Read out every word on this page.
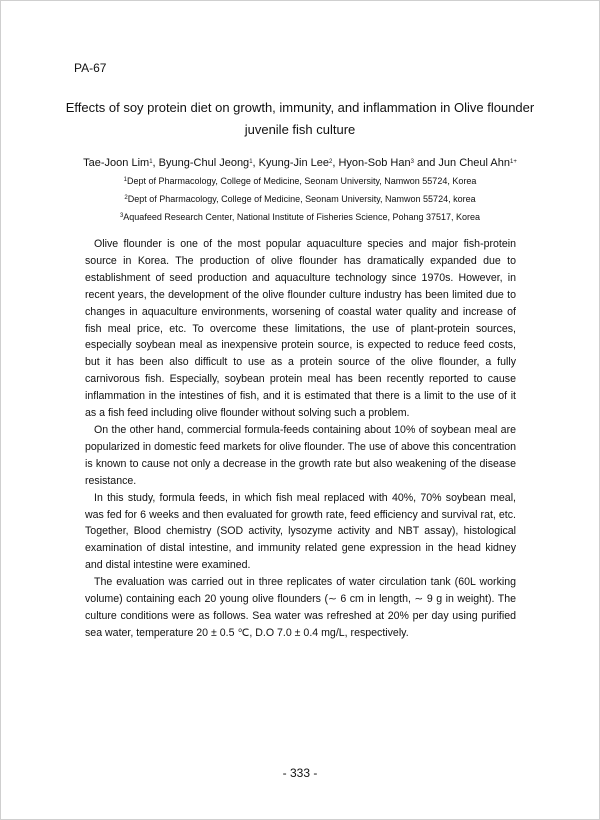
PA-67
Effects of soy protein diet on growth, immunity, and inflammation in Olive flounder
juvenile fish culture
Tae-Joon Lim$^1$, Byung-Chul Jeong$^1$, Kyung-Jin Lee$^2$, Hyon-Sob Han$^3$ and Jun Cheul Ahn$^{1+}$
$^1$Dept of Pharmacology, College of Medicine, Seonam University, Namwon 55724, Korea
$^2$Dept of Pharmacology, College of Medicine, Seonam University, Namwon 55724, korea
$^3$Aquafeed Research Center, National Institute of Fisheries Science, Pohang 37517, Korea

Olive flounder is one of the most popular aquaculture species and major fish-protein source in Korea. The production of olive flounder has dramatically expanded due to establishment of seed production and aquaculture technology since 1970s. However, in recent years, the development of the olive flounder culture industry has been limited due to changes in aquaculture environments, worsening of coastal water quality and increase of fish meal price, etc. To overcome these limitations, the use of plant-protein sources, especially soybean meal as inexpensive protein source, is expected to reduce feed costs, but it has been also difficult to use as a protein source of the olive flounder, a fully carnivorous fish. Especially, soybean protein meal has been recently reported to cause inflammation in the intestines of fish, and it is estimated that there is a limit to the use of it as a fish feed including olive flounder without solving such a problem.

On the other hand, commercial formula-feeds containing about 10% of soybean meal are popularized in domestic feed markets for olive flounder. The use of above this concentration is known to cause not only a decrease in the growth rate but also weakening of the disease resistance.

In this study, formula feeds, in which fish meal replaced with 40%, 70% soybean meal, was fed for 6 weeks and then evaluated for growth rate, feed efficiency and survival rat, etc. Together, Blood chemistry (SOD activity, lysozyme activity and NBT assay), histological examination of distal intestine, and immunity related gene expression in the head kidney and distal intestine were examined.

The evaluation was carried out in three replicates of water circulation tank (60L working volume) containing each 20 young olive flounders (∼ 6 cm in length, ∼ 9 g in weight). The culture conditions were as follows. Sea water was refreshed at 20% per day using purified sea water, temperature 20 ± 0.5 ℃, D.O 7.0 ± 0.4 mg/L, respectively.

- 333 -
